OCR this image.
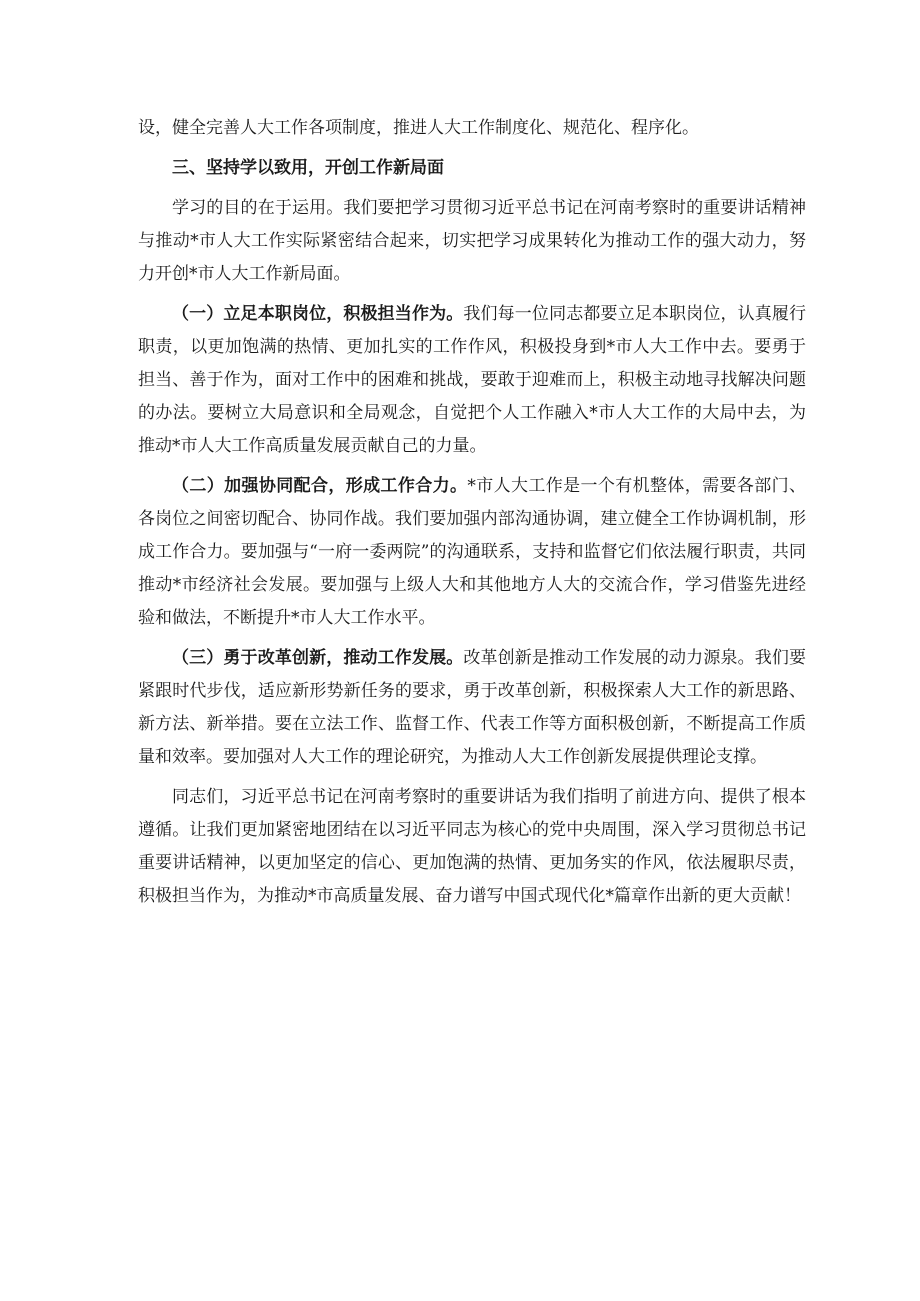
设，健全完善人大工作各项制度，推进人大工作制度化、规范化、程序化。

三、坚持学以致用，开创工作新局面

学习的目的在于运用。我们要把学习贯彻习近平总书记在河南考察时的重要讲话精神与推动*市人大工作实际紧密结合起来，切实把学习成果转化为推动工作的强大动力，努力开创*市人大工作新局面。

（一）立足本职岗位，积极担当作为。我们每一位同志都要立足本职岗位，认真履行职责，以更加饱满的热情、更加扎实的工作作风，积极投身到*市人大工作中去。要勇于担当、善于作为，面对工作中的困难和挑战，要敢于迎难而上，积极主动地寻找解决问题的办法。要树立大局意识和全局观念，自觉把个人工作融入*市人大工作的大局中去，为推动*市人大工作高质量发展贡献自己的力量。

（二）加强协同配合，形成工作合力。*市人大工作是一个有机整体，需要各部门、各岗位之间密切配合、协同作战。我们要加强内部沟通协调，建立健全工作协调机制，形成工作合力。要加强与“一府一委两院”的沟通联系，支持和监督它们依法履行职责，共同推动*市经济社会发展。要加强与上级人大和其他地方人大的交流合作，学习借鉴先进经验和做法，不断提升*市人大工作水平。

（三）勇于改革创新，推动工作发展。改革创新是推动工作发展的动力源泉。我们要紧跟时代步伐，适应新形势新任务的要求，勇于改革创新，积极探索人大工作的新思路、新方法、新举措。要在立法工作、监督工作、代表工作等方面积极创新，不断提高工作质量和效率。要加强对人大工作的理论研究，为推动人大工作创新发展提供理论支撑。

同志们，习近平总书记在河南考察时的重要讲话为我们指明了前进方向、提供了根本遵循。让我们更加紧密地团结在以习近平同志为核心的党中央周围，深入学习贯彻总书记重要讲话精神，以更加坚定的信心、更加饱满的热情、更加务实的作风，依法履职尽责，积极担当作为，为推动*市高质量发展、奋力谱写中国式现代化*篇章作出新的更大贡献！
